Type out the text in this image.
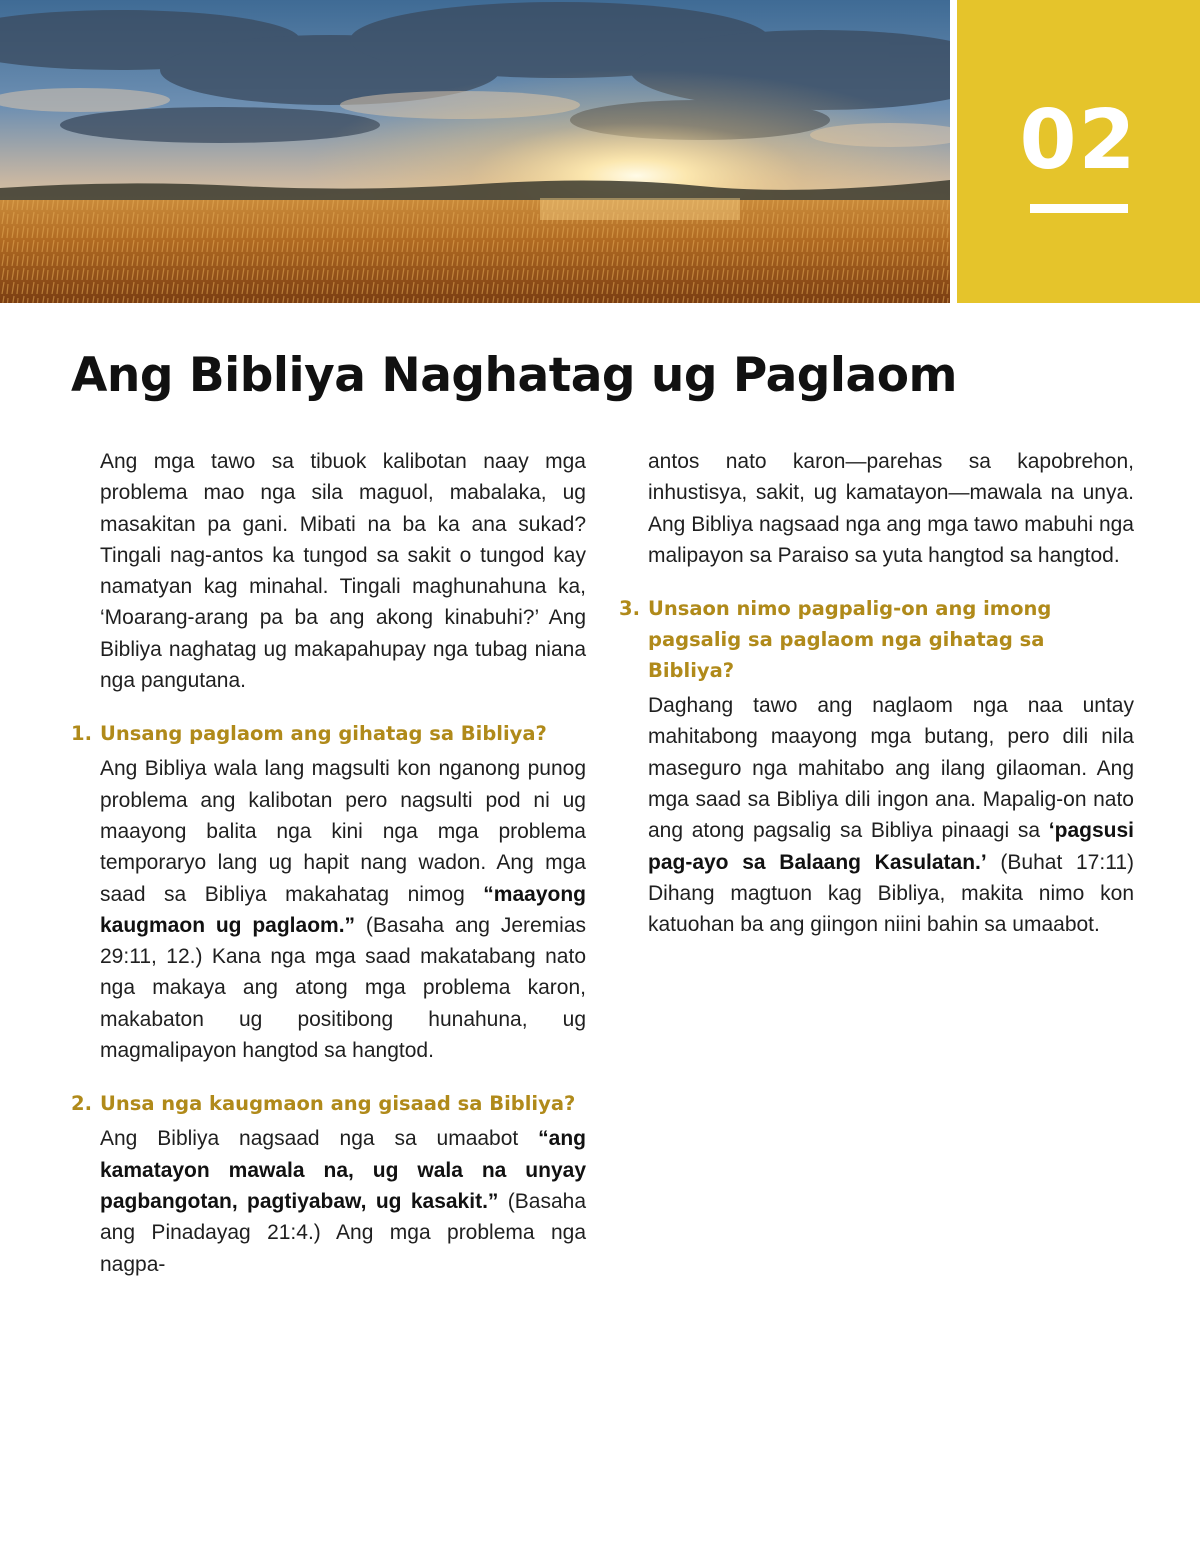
02
Ang Bibliya Naghatag ug Paglaom

Ang mga tawo sa tibuok kalibotan naay mga problema mao nga sila maguol, mabalaka, ug masakitan pa gani. Mibati na ba ka ana sukad? Tingali nag-antos ka tungod sa sakit o tungod kay namatyan kag minahal. Tingali maghunahuna ka, ‘Moarang-arang pa ba ang akong kinabuhi?’ Ang Bibliya naghatag ug makapahupay nga tubag niana nga pangutana.

1. Unsang paglaom ang gihatag sa Bibliya?

Ang Bibliya wala lang magsulti kon nganong punog problema ang kalibotan pero nagsulti pod ni ug maayong balita nga kini nga mga problema temporaryo lang ug hapit nang wadon. Ang mga saad sa Bibliya makahatag nimog “maayong kaugmaon ug paglaom.” (Basaha ang Jeremias 29:11, 12.) Kana nga mga saad makatabang nato nga makaya ang atong mga problema karon, makabaton ug positibong hunahuna, ug magmalipayon hangtod sa hangtod.

2. Unsa nga kaugmaon ang gisaad sa Bibliya?

Ang Bibliya nagsaad nga sa umaabot “ang kamatayon mawala na, ug wala na unyay pagbangotan, pagtiyabaw, ug kasakit.” (Basaha ang Pinadayag 21:4.) Ang mga problema nga nagpa-

antos nato karon—parehas sa kapobrehon, inhustisya, sakit, ug kamatayon—mawala na unya. Ang Bibliya nagsaad nga ang mga tawo mabuhi nga malipayon sa Paraiso sa yuta hangtod sa hangtod.

3. Unsaon nimo pagpalig-on ang imong pagsalig sa paglaom nga gihatag sa Bibliya?

Daghang tawo ang naglaom nga naa untay mahitabong maayong mga butang, pero dili nila maseguro nga mahitabo ang ilang gilaoman. Ang mga saad sa Bibliya dili ingon ana. Mapalig-on nato ang atong pagsalig sa Bibliya pinaagi sa ‘pagsusi pag-ayo sa Balaang Kasulatan.’ (Buhat 17:11) Dihang magtuon kag Bibliya, makita nimo kon katuohan ba ang giingon niini bahin sa umaabot.
